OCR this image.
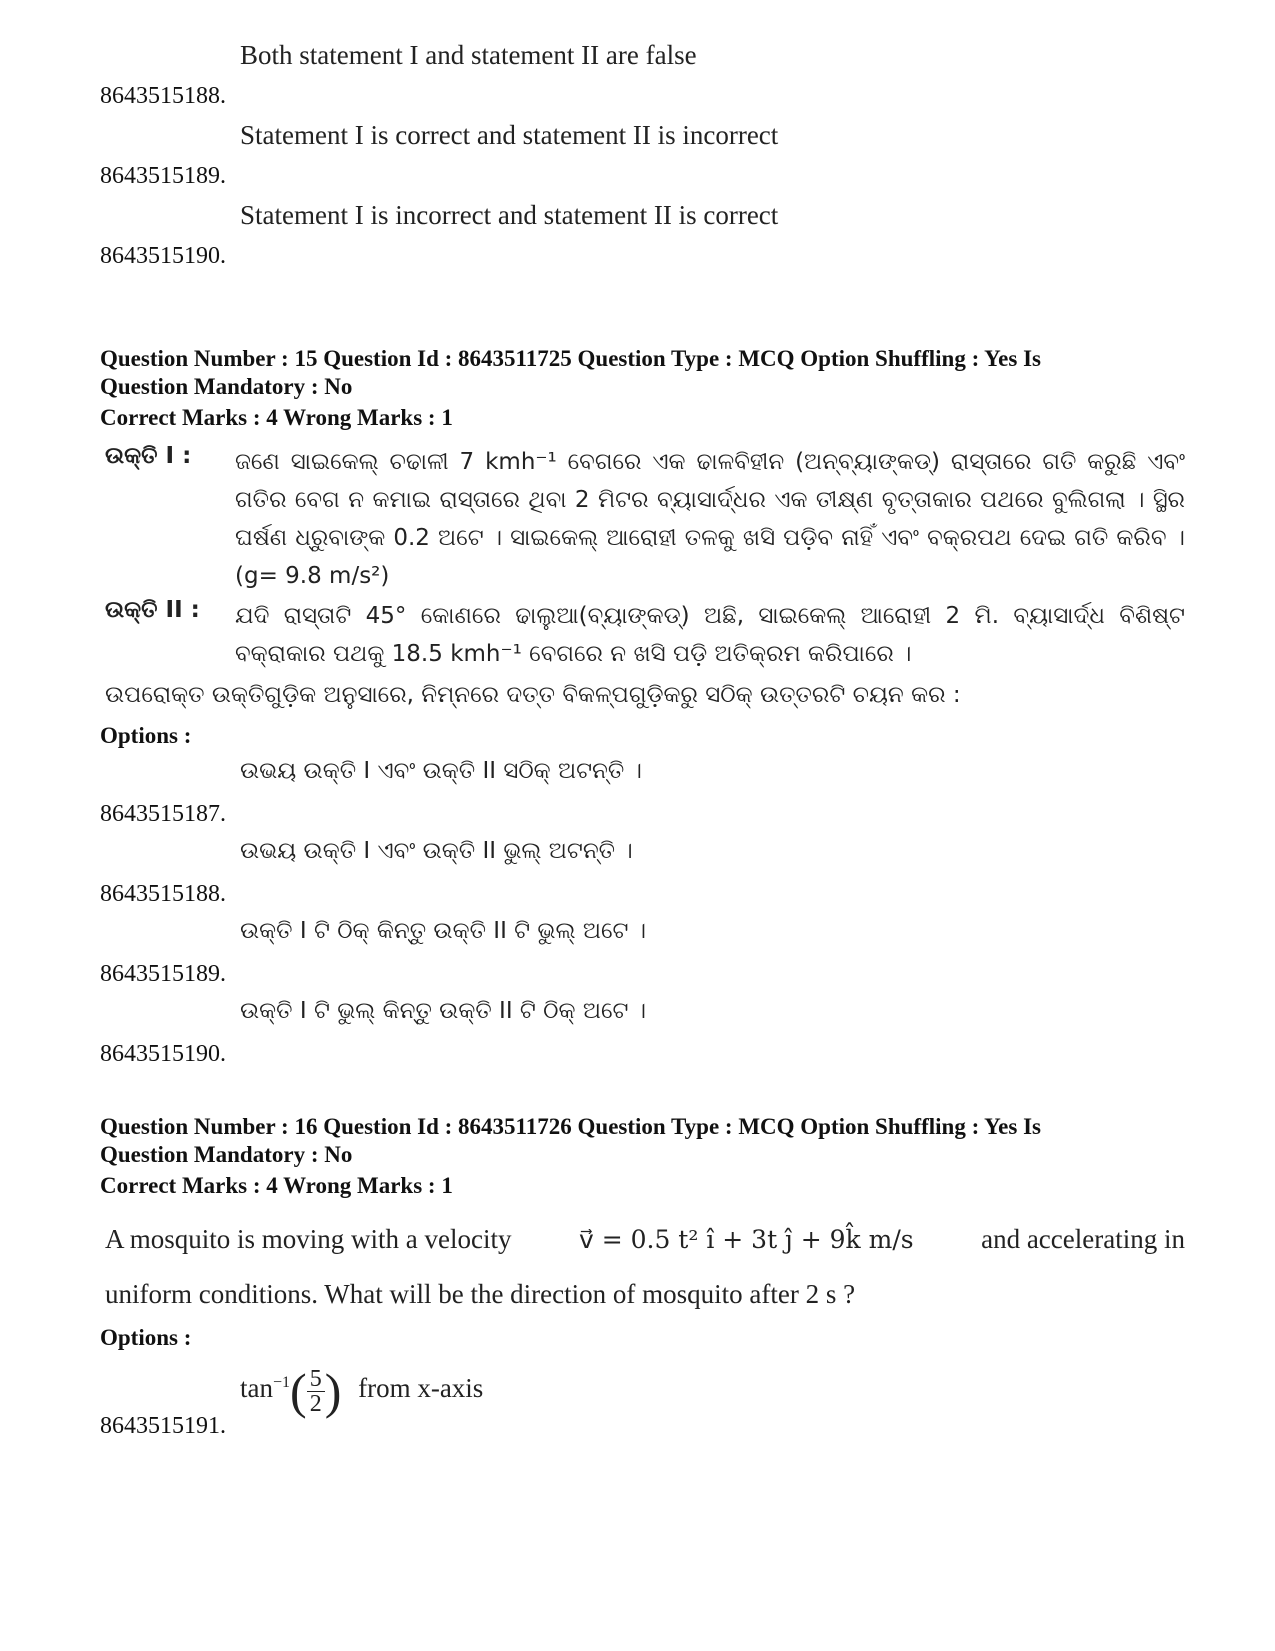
8643515188.
Both statement I and statement II are false
8643515189.
Statement I is correct and statement II is incorrect
8643515190.
Statement I is incorrect and statement II is correct
Question Number : 15 Question Id : 8643511725 Question Type : MCQ Option Shuffling : Yes Is
Question Mandatory : No
Correct Marks : 4 Wrong Marks : 1
ଉକ୍ତି I : ଜଣେ ସାଇକେଲ୍ ଚଢାଳୀ 7 kmh⁻¹ ବେଗରେ ଏକ ଢାଳବିହୀନ (ଅନ୍‌ବ୍ୟାଙ୍କଡ୍) ରାସ୍ତାରେ ଗତି କରୁଛି ଏବଂ ଗତିର ବେଗ ନ କମାଇ ରାସ୍ତାରେ ଥିବା 2 ମିଟର ବ୍ୟାସାର୍ଦ୍ଧର ଏକ ତୀକ୍ଷ୍ଣ ବୃତ୍ତାକାର ପଥରେ ବୁଲିଗଲା । ସ୍ଥିର ଘର୍ଷଣ ଧ୍ରୁବାଙ୍କ 0.2 ଅଟେ । ସାଇକେଲ୍ ଆରୋହୀ ତଳକୁ ଖସି ପଡ଼ିବ ନାହିଁ ଏବଂ ବକ୍ରପଥ ଦେଇ ଗତି କରିବ । (g= 9.8 m/s²)
ଉକ୍ତି II : ଯଦି ରାସ୍ତାଟି 45° କୋଣରେ ଢାଲୁଆ(ବ୍ୟାଙ୍କଡ୍) ଅଛି, ସାଇକେଲ୍ ଆରୋହୀ 2 ମି. ବ୍ୟାସାର୍ଦ୍ଧ ବିଶିଷ୍ଟ ବକ୍ରାକାର ପଥକୁ 18.5 kmh⁻¹ ବେଗରେ ନ ଖସି ପଡ଼ି ଅତିକ୍ରମ କରିପାରେ ।
ଉପରୋକ୍ତ ଉକ୍ତିଗୁଡ଼ିକ ଅନୁସାରେ, ନିମ୍ନରେ ଦତ୍ତ ବିକଳ୍ପଗୁଡ଼ିକରୁ ସଠିକ୍ ଉତ୍ତରଟି ଚୟନ କର :
Options :
8643515187.
ଉଭୟ ଉକ୍ତି I ଏବଂ ଉକ୍ତି II ସଠିକ୍ ଅଟନ୍ତି ।
8643515188.
ଉଭୟ ଉକ୍ତି I ଏବଂ ଉକ୍ତି II ଭୁଲ୍ ଅଟନ୍ତି ।
8643515189.
ଉକ୍ତି I ଟି ଠିକ୍ କିନ୍ତୁ ଉକ୍ତି II ଟି ଭୁଲ୍ ଅଟେ ।
8643515190.
ଉକ୍ତି I ଟି ଭୁଲ୍ କିନ୍ତୁ ଉକ୍ତି II ଟି ଠିକ୍ ଅଟେ ।
Question Number : 16 Question Id : 8643511726 Question Type : MCQ Option Shuffling : Yes Is
Question Mandatory : No
Correct Marks : 4 Wrong Marks : 1
A mosquito is moving with a velocity	v⃗ = 0.5 t² î + 3t ĵ + 9k̂ m/s and accelerating in
uniform conditions. What will be the direction of mosquito after 2 s ?
Options :
8643515191.
$\tan^{-1}( \frac{5}{2}$ ) from x-axis
